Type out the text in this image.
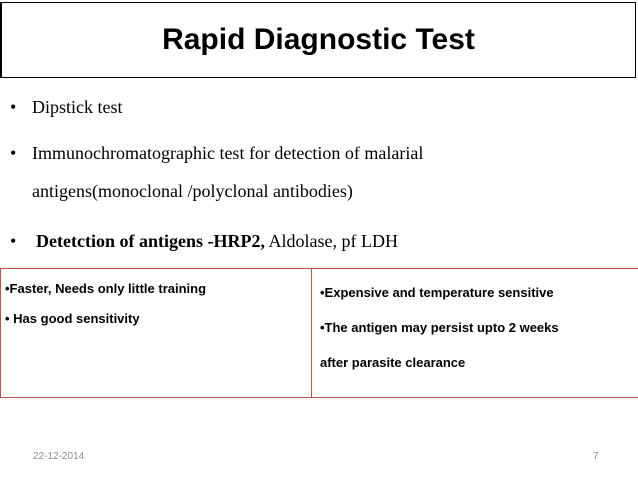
Rapid Diagnostic Test
• Dipstick test
• Immunochromatographic test for detection of malarial
antigens(monoclonal /polyclonal antibodies)
• Detetction of antigens -HRP2, Aldolase, pf LDH
•Faster, Needs only little training
• Has good sensitivity
•Expensive and temperature sensitive
•The antigen may persist upto 2 weeks
after parasite clearance
22-12-2014	7
